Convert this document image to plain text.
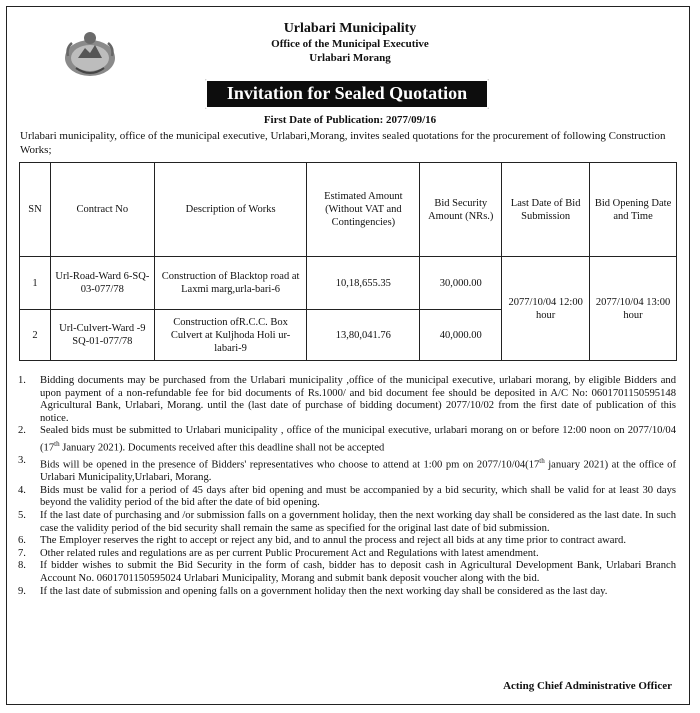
Urlabari Municipality
Office of the Municipal Executive
Urlabari Morang
Invitation for Sealed Quotation
First Date of Publication: 2077/09/16
Urlabari municipality, office of the municipal executive, Urlabari,Morang, invites sealed quotations for the procurement of following Construction Works;
SN	Contract No	Description of Works	Estimated Amount (Without VAT and Contingencies)	Bid Security Amount (NRs.)	Last Date of Bid Submission	Bid Opening Date and Time
1	Url-Road-Ward 6-SQ-03-077/78	Construction of Blacktop road at Laxmi marg,urla-bari-6	10,18,655.35	30,000.00	2077/10/04 12:00 hour	2077/10/04 13:00 hour
2	Url-Culvert-Ward -9 SQ-01-077/78	Construction ofR.C.C. Box Culvert at Kuljhoda Holi ur-labari-9	13,80,041.76	40,000.00		
1.	Bidding documents may be purchased from the Urlabari municipality ,office of the municipal executive, urlabari morang, by eligible Bidders and upon payment of a non-refundable fee for bid documents of Rs.1000/ and bid document fee should be deposited in A/C No: 0601701150595148 Agricultural Bank, Urlabari, Morang. until the (last date of purchase of bidding document) 2077/10/02 from the first date of publication of this notice.
2.	Sealed bids must be submitted to Urlabari municipality , office of the municipal executive, urlabari morang on or before 12:00 noon on 2077/10/04 (17th January 2021). Documents received after this deadline shall not be accepted
3.	Bids will be opened in the presence of Bidders' representatives who choose to attend at 1:00 pm on 2077/10/04(17th january 2021) at the office of Urlabari Municipality,Urlabari, Morang.
4.	Bids must be valid for a period of 45 days after bid opening and must be accompanied by a bid security, which shall be valid for at least 30 days beyond the validity period of the bid after the date of bid opening.
5.	If the last date of purchasing and /or submission falls on a government holiday, then the next working day shall be considered as the last date. In such case the validity period of the bid security shall remain the same as specified for the original last date of bid submission.
6.	The Employer reserves the right to accept or reject any bid, and to annul the process and reject all bids at any time prior to contract award.
7.	Other related rules and regulations are as per current Public Procurement Act and Regulations with latest amendment.
8.	If bidder wishes to submit the Bid Security in the form of cash, bidder has to deposit cash in Agricultural Development Bank, Urlabari Branch Account No. 0601701150595024 Urlabari Municipality, Morang and submit bank deposit voucher along with the bid.
9.	If the last date of submission and opening falls on a government holiday then the next working day shall be considered as the last day.
Acting Chief Administrative Officer
